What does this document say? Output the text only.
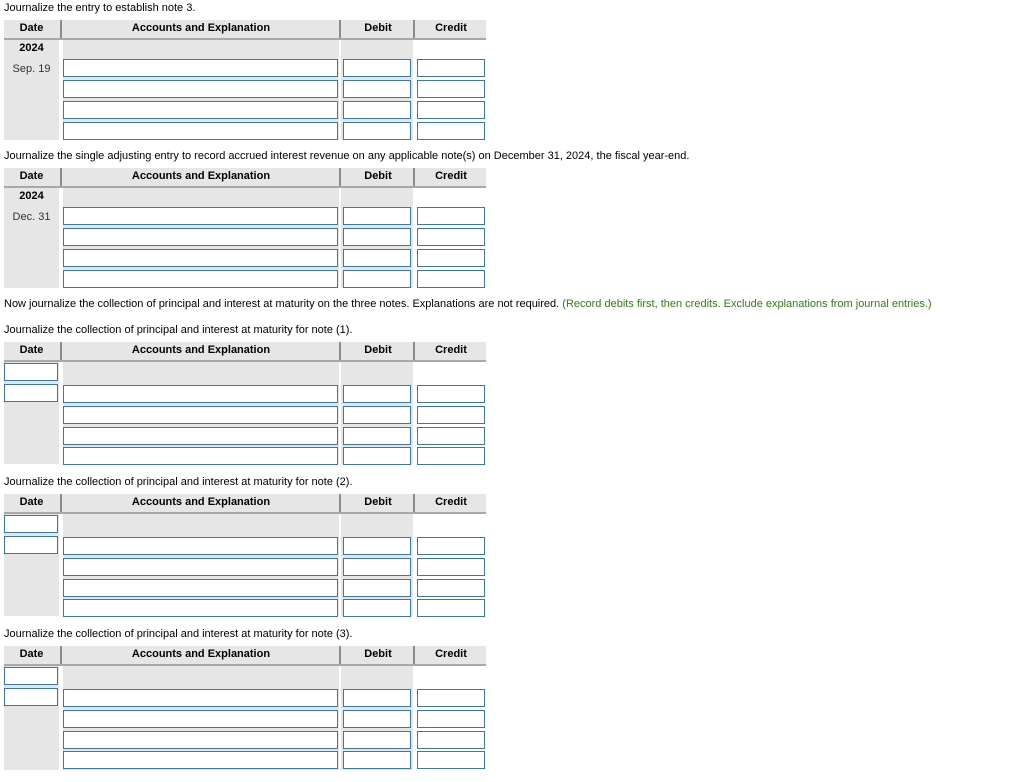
Journalize the entry to establish note 3.
Date	Accounts and Explanation	Debit	Credit
2024
Sep. 19
Journalize the single adjusting entry to record accrued interest revenue on any applicable note(s) on December 31, 2024, the fiscal year-end.
Date	Accounts and Explanation	Debit	Credit
2024
Dec. 31
Now journalize the collection of principal and interest at maturity on the three notes. Explanations are not required. (Record debits first, then credits. Exclude explanations from journal entries.)
Journalize the collection of principal and interest at maturity for note (1).
Date	Accounts and Explanation	Debit	Credit
Journalize the collection of principal and interest at maturity for note (2).
Date	Accounts and Explanation	Debit	Credit
Journalize the collection of principal and interest at maturity for note (3).
Date	Accounts and Explanation	Debit	Credit
